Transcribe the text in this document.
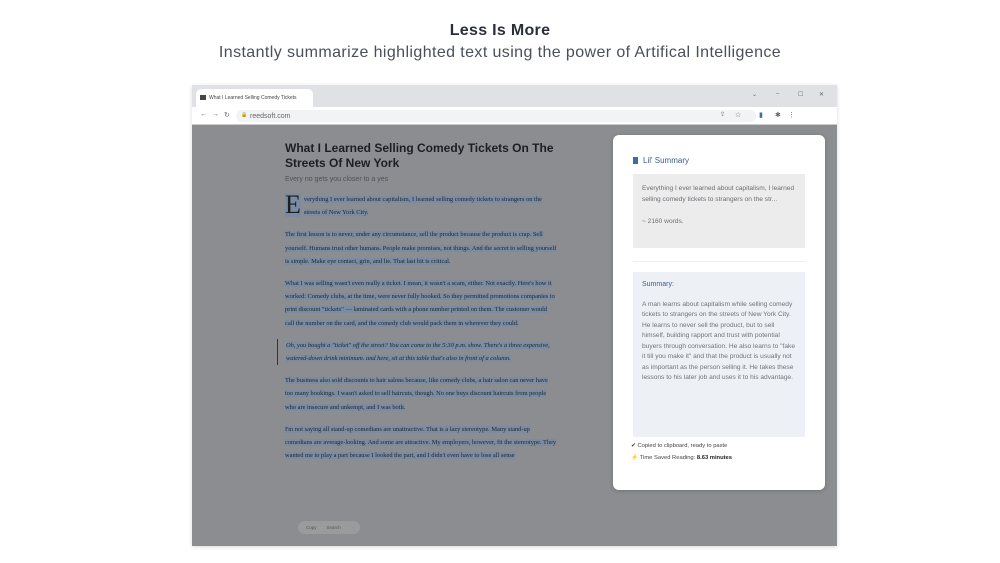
Less Is More

Instantly summarize highlighted text using the power of Artifical Intelligence

What I Learned Selling Comedy Tickets	⌄	–	☐	✕
← → ↻ 🔒 reedsoft.com	⇪ ☆	▮ ✱ ⋮
What I Learned Selling Comedy Tickets On The Streets Of New York
Every no gets you closer to a yes
E verything I ever learned about capitalism, I learned selling comedy tickets to strangers on the streets of New York City.
The first lesson is to never, under any circumstance, sell the product because the product is crap. Sell yourself. Humans trust other humans. People make promises, not things. And the secret to selling yourself is simple. Make eye contact, grin, and lie. That last bit is critical.
What I was selling wasn't even really a ticket. I mean, it wasn't a scam, either. Not exactly. Here's how it worked: Comedy clubs, at the time, were never fully booked. So they permitted promotions companies to print discount "tickets" — laminated cards with a phone number printed on them. The customer would call the number on the card, and the comedy club would pack them in wherever they could.
Oh, you bought a "ticket" off the street? You can come to the 5:30 p.m. show. There's a three expensive, watered-down drink minimum. and here, sit at this table that's also in front of a column.
The business also sold discounts to hair salons because, like comedy clubs, a hair salon can never have too many bookings. I wasn't asked to sell haircuts, though. No one buys discount haircuts from people who are insecure and unkempt, and I was both.
I'm not saying all stand-up comedians are unattractive. That is a lazy stereotype. Many stand-up comedians are average-looking. And some are attractive. My employers, however, fit the stereotype. They wanted me to play a part because I looked the part, and I didn't even have to lose all sense
Copy Search
Lil' Summary
Everything I ever learned about capitalism, I learned selling comedy tickets to strangers on the str...
~ 2160 words.
Summary:
A man learns about capitalism while selling comedy tickets to strangers on the streets of New York City. He learns to never sell the product, but to sell himself, building rapport and trust with potential buyers through conversation. He also learns to "fake it till you make it" and that the product is usually not as important as the person selling it. He takes these lessons to his later job and uses it to his advantage.
✔ Copied to clipboard, ready to paste
⚡ Time Saved Reading: 8.63 minutes
